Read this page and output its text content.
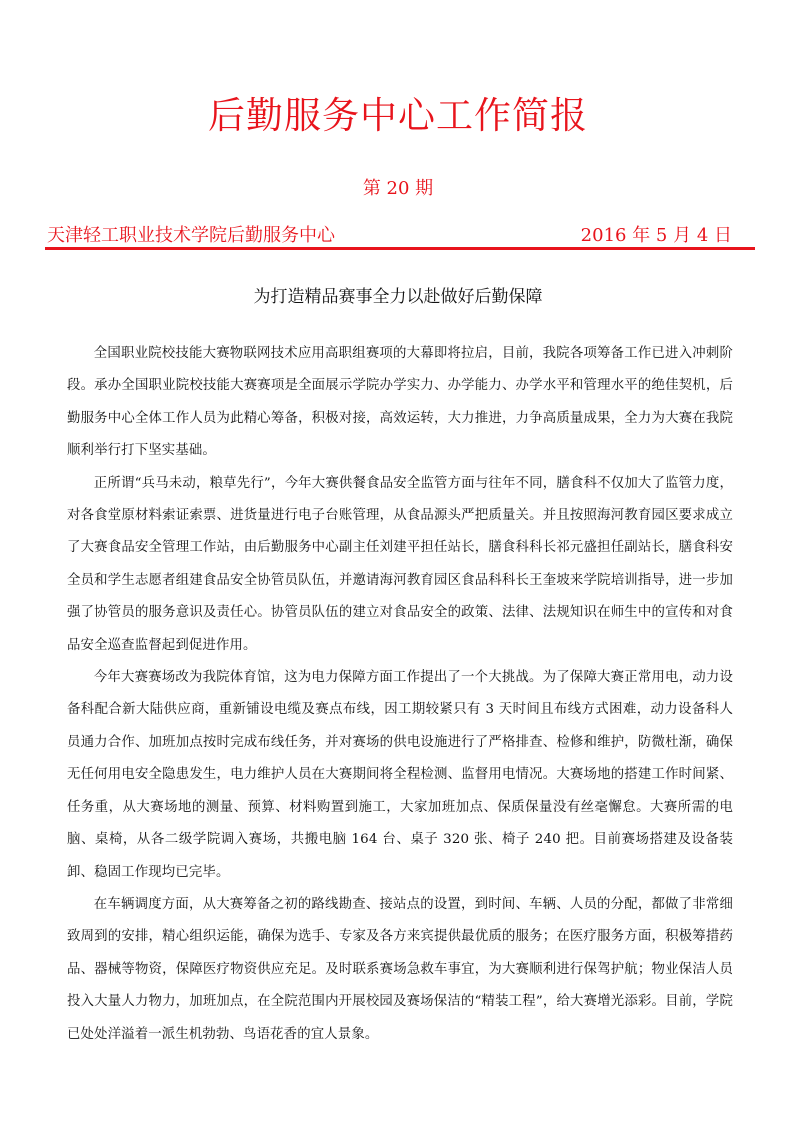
后勤服务中心工作简报
第 20 期
天津轻工职业技术学院后勤服务中心	2016 年 5 月 4 日
为打造精品赛事全力以赴做好后勤保障

全国职业院校技能大赛物联网技术应用高职组赛项的大幕即将拉启，目前，我院各项筹备工作已进入冲刺阶段。承办全国职业院校技能大赛赛项是全面展示学院办学实力、办学能力、办学水平和管理水平的绝佳契机，后勤服务中心全体工作人员为此精心筹备，积极对接，高效运转，大力推进，力争高质量成果，全力为大赛在我院顺利举行打下坚实基础。

正所谓“兵马未动，粮草先行”，今年大赛供餐食品安全监管方面与往年不同，膳食科不仅加大了监管力度，对各食堂原材料索证索票、进货量进行电子台账管理，从食品源头严把质量关。并且按照海河教育园区要求成立了大赛食品安全管理工作站，由后勤服务中心副主任刘建平担任站长，膳食科科长祁元盛担任副站长，膳食科安全员和学生志愿者组建食品安全协管员队伍，并邀请海河教育园区食品科科长王奎坡来学院培训指导，进一步加强了协管员的服务意识及责任心。协管员队伍的建立对食品安全的政策、法律、法规知识在师生中的宣传和对食品安全巡查监督起到促进作用。

今年大赛赛场改为我院体育馆，这为电力保障方面工作提出了一个大挑战。为了保障大赛正常用电，动力设备科配合新大陆供应商，重新铺设电缆及赛点布线，因工期较紧只有 3 天时间且布线方式困难，动力设备科人员通力合作、加班加点按时完成布线任务，并对赛场的供电设施进行了严格排查、检修和维护，防微杜渐，确保无任何用电安全隐患发生，电力维护人员在大赛期间将全程检测、监督用电情况。大赛场地的搭建工作时间紧、任务重，从大赛场地的测量、预算、材料购置到施工，大家加班加点、保质保量没有丝毫懈怠。大赛所需的电脑、桌椅，从各二级学院调入赛场，共搬电脑 164 台、桌子 320 张、椅子 240 把。目前赛场搭建及设备装卸、稳固工作现均已完毕。

在车辆调度方面，从大赛筹备之初的路线勘查、接站点的设置，到时间、车辆、人员的分配，都做了非常细致周到的安排，精心组织运能，确保为选手、专家及各方来宾提供最优质的服务；在医疗服务方面，积极筹措药品、器械等物资，保障医疗物资供应充足。及时联系赛场急救车事宜，为大赛顺利进行保驾护航；物业保洁人员投入大量人力物力，加班加点，在全院范围内开展校园及赛场保洁的“精装工程”，给大赛增光添彩。目前，学院已处处洋溢着一派生机勃勃、鸟语花香的宜人景象。
